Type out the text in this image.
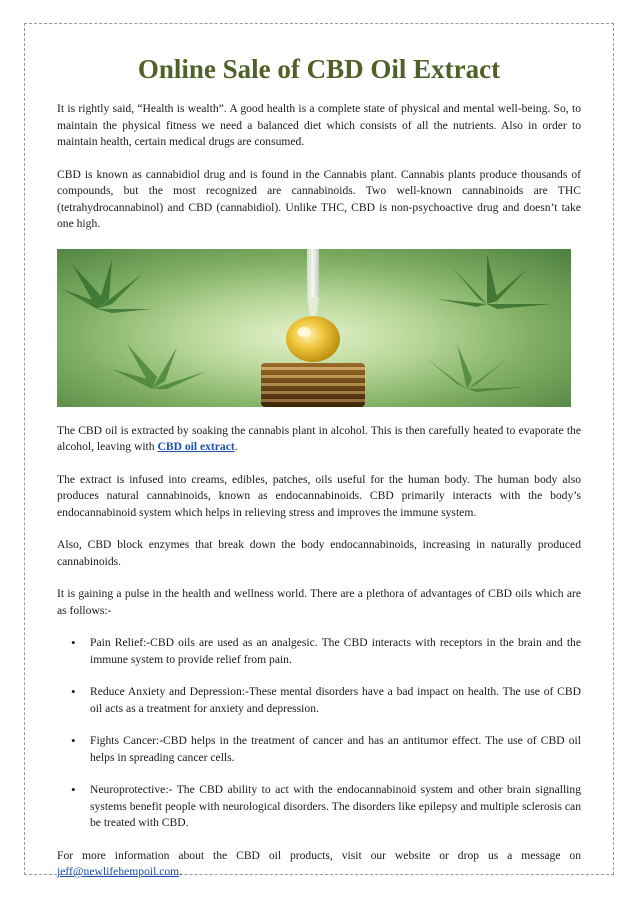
Online Sale of CBD Oil Extract

It is rightly said, “Health is wealth”. A good health is a complete state of physical and mental well-being. So, to maintain the physical fitness we need a balanced diet which consists of all the nutrients. Also in order to maintain health, certain medical drugs are consumed.

CBD is known as cannabidiol drug and is found in the Cannabis plant. Cannabis plants produce thousands of compounds, but the most recognized are cannabinoids. Two well-known cannabinoids are THC (tetrahydrocannabinol) and CBD (cannabidiol). Unlike THC, CBD is non-psychoactive drug and doesn’t take one high.

The CBD oil is extracted by soaking the cannabis plant in alcohol. This is then carefully heated to evaporate the alcohol, leaving with CBD oil extract.

The extract is infused into creams, edibles, patches, oils useful for the human body. The human body also produces natural cannabinoids, known as endocannabinoids. CBD primarily interacts with the body’s endocannabinoid system which helps in relieving stress and improves the immune system.

Also, CBD block enzymes that break down the body endocannabinoids, increasing in naturally produced cannabinoids.

It is gaining a pulse in the health and wellness world. There are a plethora of advantages of CBD oils which are as follows:-

• Pain Relief:-CBD oils are used as an analgesic. The CBD interacts with receptors in the brain and the immune system to provide relief from pain.
• Reduce Anxiety and Depression:-These mental disorders have a bad impact on health. The use of CBD oil acts as a treatment for anxiety and depression.
• Fights Cancer:-CBD helps in the treatment of cancer and has an antitumor effect. The use of CBD oil helps in spreading cancer cells.
• Neuroprotective:- The CBD ability to act with the endocannabinoid system and other brain signalling systems benefit people with neurological disorders. The disorders like epilepsy and multiple sclerosis can be treated with CBD.

For more information about the CBD oil products, visit our website or drop us a message on jeff@newlifehempoil.com.
